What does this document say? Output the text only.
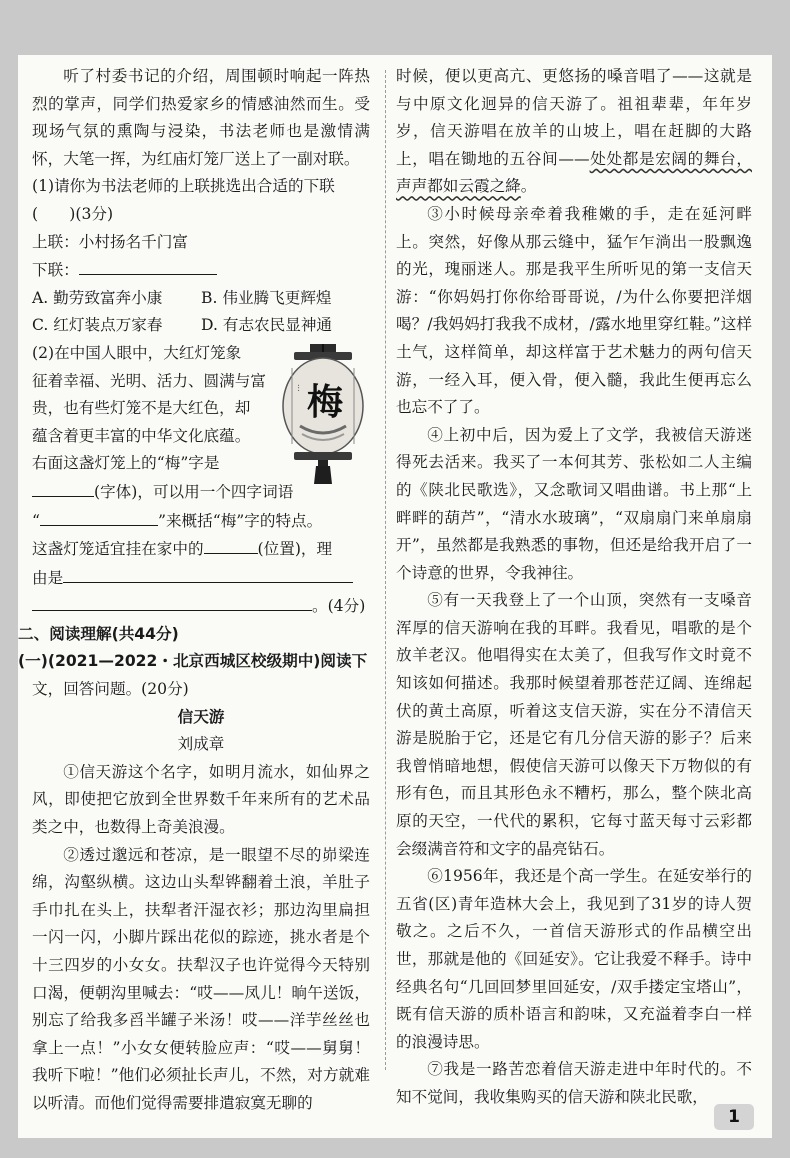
听了村委书记的介绍，周围顿时响起一阵热烈的掌声，同学们热爱家乡的情感油然而生。受现场气氛的熏陶与浸染，书法老师也是激情满怀，大笔一挥，为红庙灯笼厂送上了一副对联。

(1)请你为书法老师的上联挑选出合适的下联

(　　)(3分)

上联：小村扬名千门富

下联：

A. 勤劳致富奔小康	B. 伟业腾飞更辉煌
C. 红灯装点万家春	D. 有志农民显神通
梅
···

(2)在中国人眼中，大红灯笼象

征着幸福、光明、活力、圆满与富

贵，也有些灯笼不是大红色，却

蕴含着更丰富的中华文化底蕴。

右面这盏灯笼上的“梅”字是

(字体)，可以用一个四字词语

“	”来概括“梅”字的特点。

这盏灯笼适宜挂在家中的	(位置)，理

由是

。(4分)

二、阅读理解(共44分)

(一)(2021—2022・北京西城区校级期中)阅读下

文，回答问题。(20分)

信天游

刘成章

①信天游这个名字，如明月流水，如仙界之风，即使把它放到全世界数千年来所有的艺术品类之中，也数得上奇美浪漫。

②透过邈远和苍凉，是一眼望不尽的峁梁连绵，沟壑纵横。这边山头犁铧翻着土浪，羊肚子手巾扎在头上，扶犁者汗湿衣衫；那边沟里扁担一闪一闪，小脚片踩出花似的踪迹，挑水者是个十三四岁的小女女。扶犁汉子也许觉得今天特别口渴，便朝沟里喊去：“哎——凤儿！晌午送饭，别忘了给我多舀半罐子米汤！哎——洋芋丝丝也拿上一点！”小女女便转脸应声：“哎——舅舅！我听下啦！”他们必须扯长声儿，不然，对方就难以听清。而他们觉得需要排遣寂寞无聊的

时候，便以更高亢、更悠扬的嗓音唱了——这就是与中原文化迥异的信天游了。祖祖辈辈，年年岁岁，信天游唱在放羊的山坡上，唱在赶脚的大路上，唱在锄地的五谷间——处处都是宏阔的舞台，声声都如云霞之絳。

③小时候母亲牵着我稚嫩的手，走在延河畔上。突然，好像从那云缝中，猛乍乍淌出一股飘逸的光，瑰丽迷人。那是我平生所听见的第一支信天游：“你妈妈打你你给哥哥说，/为什么你要把洋烟喝？/我妈妈打我我不成材，/露水地里穿红鞋。”这样土气，这样简单，却这样富于艺术魅力的两句信天游，一经入耳，便入骨，便入髓，我此生便再忘么也忘不了了。

④上初中后，因为爱上了文学，我被信天游迷得死去活来。我买了一本何其芳、张松如二人主编的《陕北民歌选》，又念歌词又唱曲谱。书上那“上畔畔的葫芦”，“清水水玻璃”，“双扇扇门来单扇扇开”，虽然都是我熟悉的事物，但还是给我开启了一个诗意的世界，令我神往。

⑤有一天我登上了一个山顶，突然有一支嗓音浑厚的信天游响在我的耳畔。我看见，唱歌的是个放羊老汉。他唱得实在太美了，但我写作文时竟不知该如何描述。我那时候望着那苍茫辽阔、连绵起伏的黄土高原，听着这支信天游，实在分不清信天游是脱胎于它，还是它有几分信天游的影子？后来我曾悄暗地想，假使信天游可以像天下万物似的有形有色，而且其形色永不糟朽，那么，整个陕北高原的天空，一代代的累积，它每寸蓝天每寸云彩都会缀满音符和文字的晶亮钻石。

⑥1956年，我还是个高一学生。在延安举行的五省(区)青年造林大会上，我见到了31岁的诗人贺敬之。之后不久，一首信天游形式的作品横空出世，那就是他的《回延安》。它让我爱不释手。诗中经典名句“几回回梦里回延安，/双手搂定宝塔山”，既有信天游的质朴语言和韵味，又充溢着李白一样的浪漫诗思。

⑦我是一路苦恋着信天游走进中年时代的。不知不觉间，我收集购买的信天游和陕北民歌，

1
